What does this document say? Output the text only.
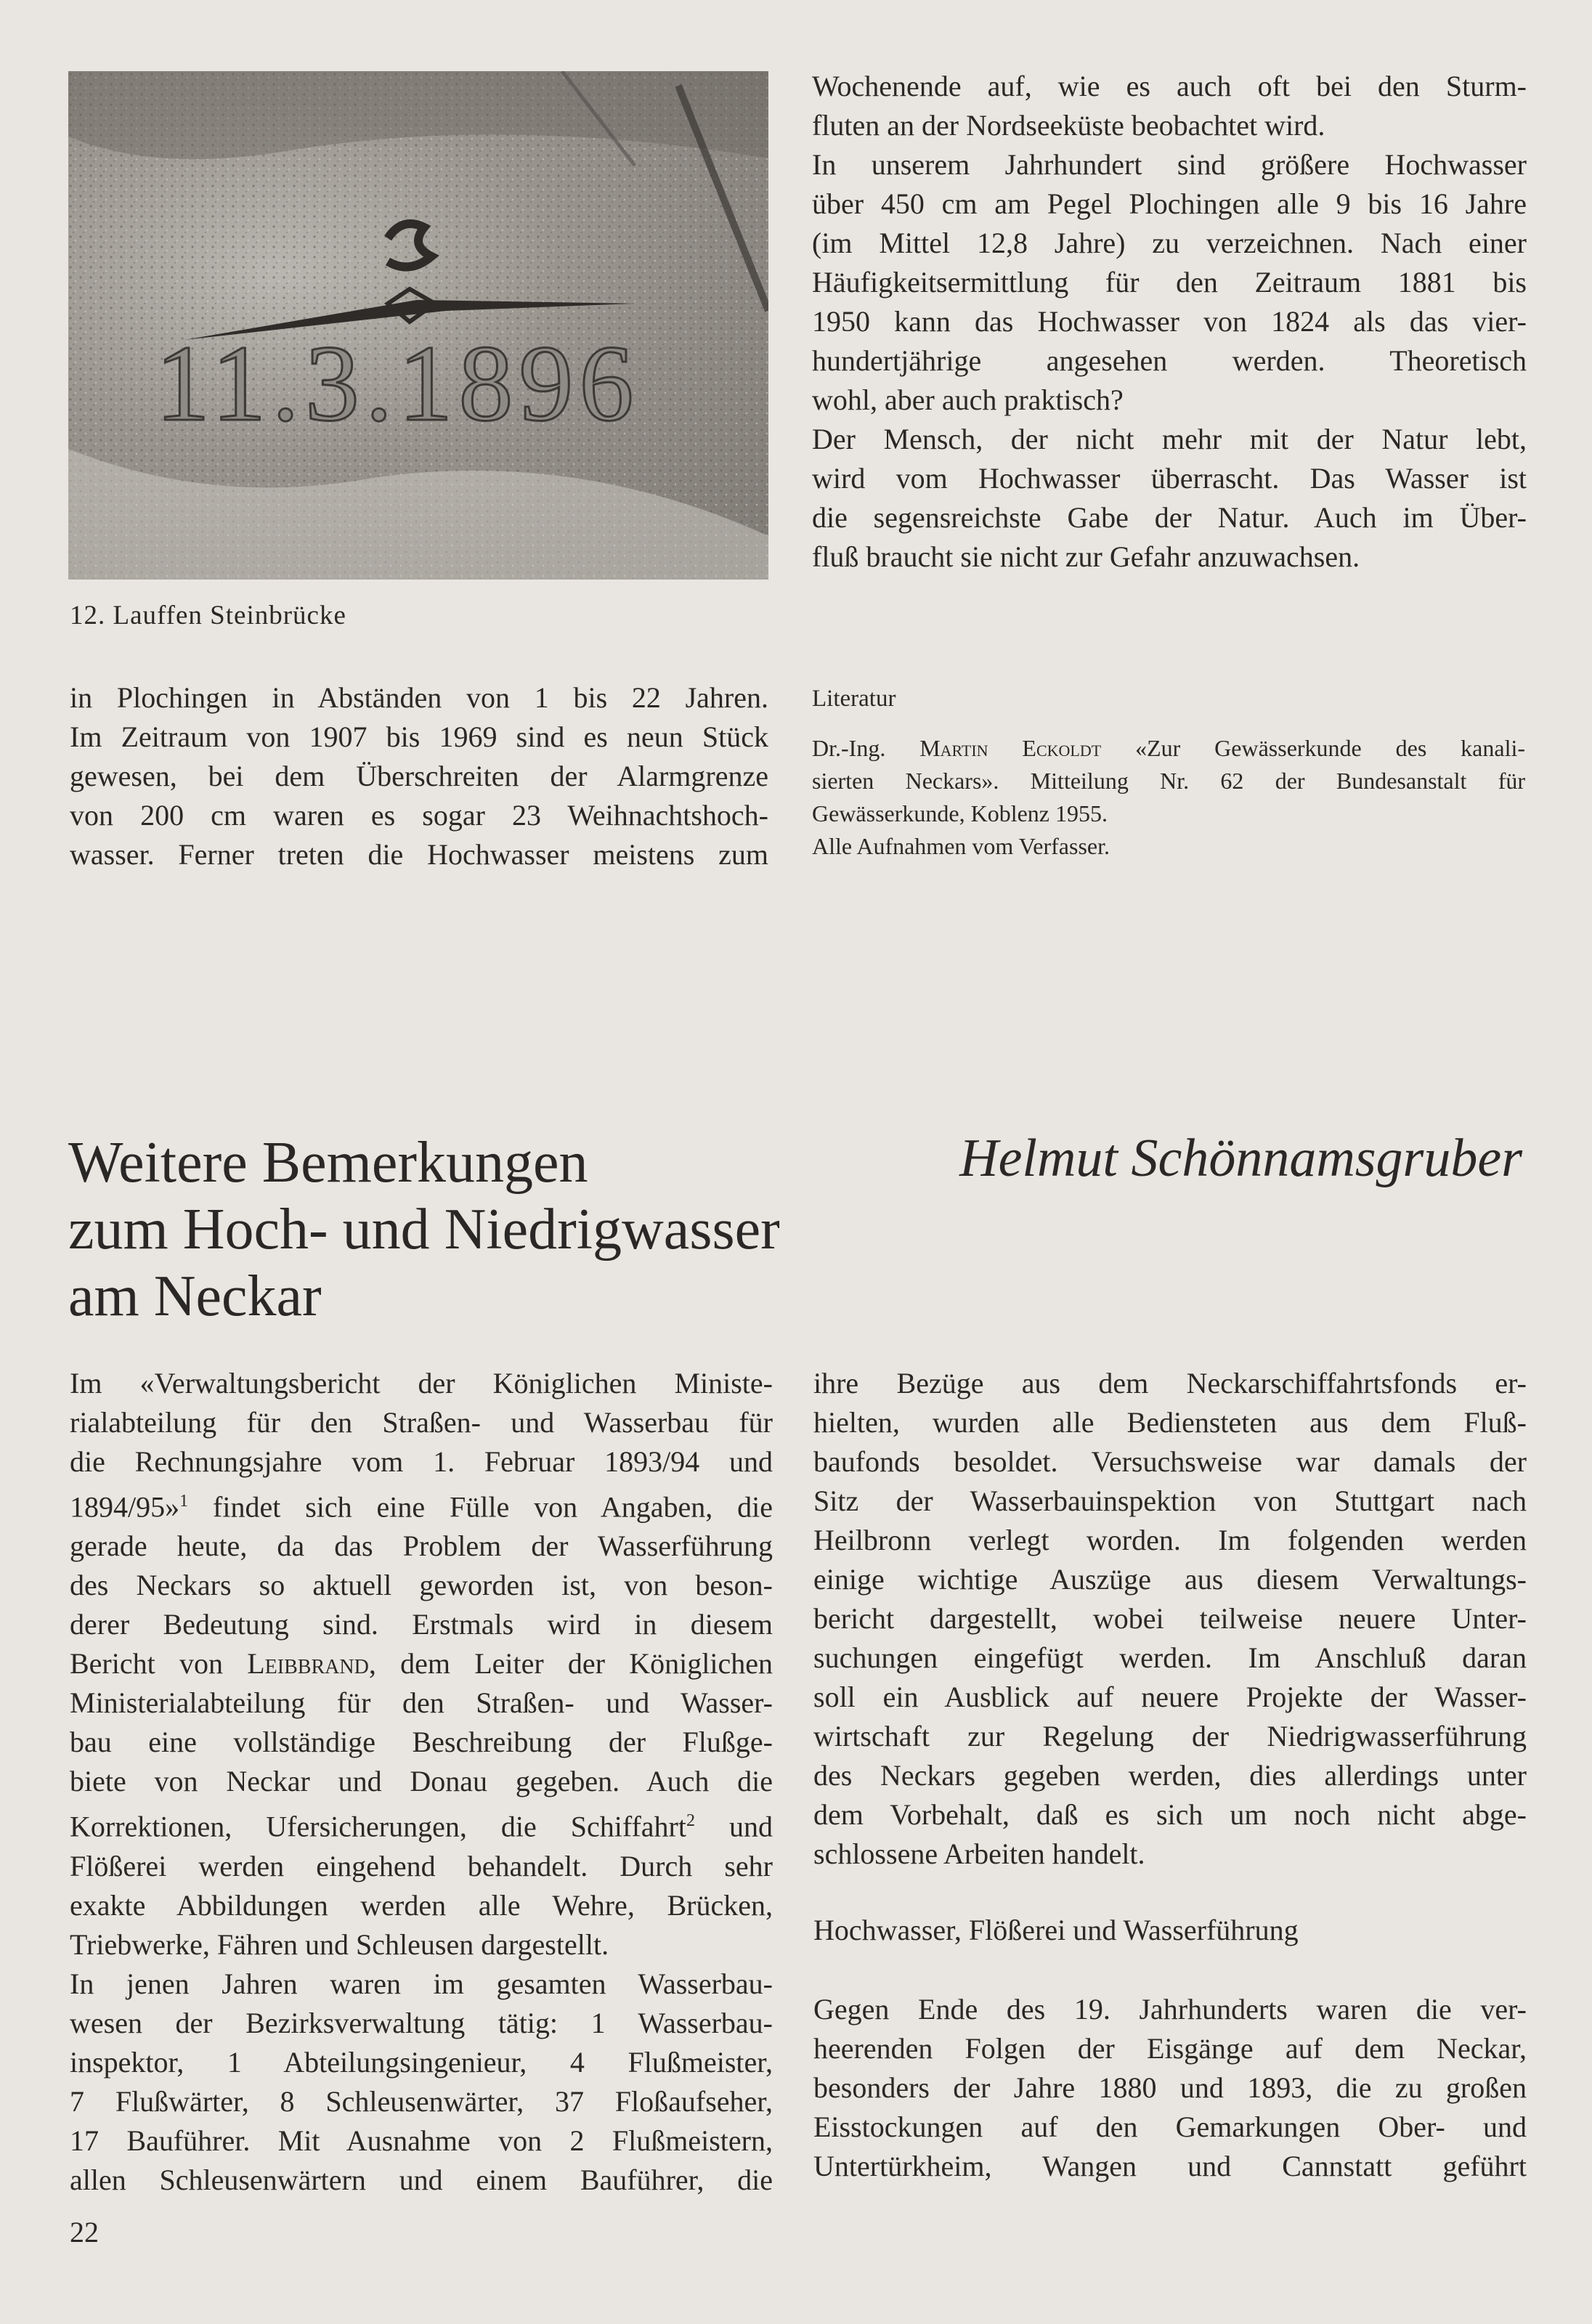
11.3.1896
12. Lauffen Steinbrücke
Wochenende auf, wie es auch oft bei den Sturm-
fluten an der Nordseeküste beobachtet wird.
In unserem Jahrhundert sind größere Hochwasser
über 450 cm am Pegel Plochingen alle 9 bis 16 Jahre
(im Mittel 12,8 Jahre) zu verzeichnen. Nach einer
Häufigkeitsermittlung für den Zeitraum 1881 bis
1950 kann das Hochwasser von 1824 als das vier-
hundertjährige angesehen werden. Theoretisch
wohl, aber auch praktisch?
Der Mensch, der nicht mehr mit der Natur lebt,
wird vom Hochwasser überrascht. Das Wasser ist
die segensreichste Gabe der Natur. Auch im Über-
fluß braucht sie nicht zur Gefahr anzuwachsen.
in Plochingen in Abständen von 1 bis 22 Jahren.
Im Zeitraum von 1907 bis 1969 sind es neun Stück
gewesen, bei dem Überschreiten der Alarmgrenze
von 200 cm waren es sogar 23 Weihnachtshoch-
wasser. Ferner treten die Hochwasser meistens zum
Literatur
Dr.-Ing. Martin Eckoldt «Zur Gewässerkunde des kanali-
sierten Neckars». Mitteilung Nr. 62 der Bundesanstalt für
Gewässerkunde, Koblenz 1955.
Alle Aufnahmen vom Verfasser.
Weitere Bemerkungen
zum Hoch- und Niedrigwasser
am Neckar
Helmut Schönnamsgruber
Im «Verwaltungsbericht der Königlichen Ministe-
rialabteilung für den Straßen- und Wasserbau für
die Rechnungsjahre vom 1. Februar 1893/94 und
1894/95»$^1$ findet sich eine Fülle von Angaben, die
gerade heute, da das Problem der Wasserführung
des Neckars so aktuell geworden ist, von beson-
derer Bedeutung sind. Erstmals wird in diesem
Bericht von Leibbrand, dem Leiter der Königlichen
Ministerialabteilung für den Straßen- und Wasser-
bau eine vollständige Beschreibung der Flußge-
biete von Neckar und Donau gegeben. Auch die
Korrektionen, Ufersicherungen, die Schiffahrt$^2$ und
Flößerei werden eingehend behandelt. Durch sehr
exakte Abbildungen werden alle Wehre, Brücken,
Triebwerke, Fähren und Schleusen dargestellt.
In jenen Jahren waren im gesamten Wasserbau-
wesen der Bezirksverwaltung tätig: 1 Wasserbau-
inspektor, 1 Abteilungsingenieur, 4 Flußmeister,
7 Flußwärter, 8 Schleusenwärter, 37 Floßaufseher,
17 Bauführer. Mit Ausnahme von 2 Flußmeistern,
allen Schleusenwärtern und einem Bauführer, die
ihre Bezüge aus dem Neckarschiffahrtsfonds er-
hielten, wurden alle Bediensteten aus dem Fluß-
baufonds besoldet. Versuchsweise war damals der
Sitz der Wasserbauinspektion von Stuttgart nach
Heilbronn verlegt worden. Im folgenden werden
einige wichtige Auszüge aus diesem Verwaltungs-
bericht dargestellt, wobei teilweise neuere Unter-
suchungen eingefügt werden. Im Anschluß daran
soll ein Ausblick auf neuere Projekte der Wasser-
wirtschaft zur Regelung der Niedrigwasserführung
des Neckars gegeben werden, dies allerdings unter
dem Vorbehalt, daß es sich um noch nicht abge-
schlossene Arbeiten handelt.
Hochwasser, Flößerei und Wasserführung
Gegen Ende des 19. Jahrhunderts waren die ver-
heerenden Folgen der Eisgänge auf dem Neckar,
besonders der Jahre 1880 und 1893, die zu großen
Eisstockungen auf den Gemarkungen Ober- und
Untertürkheim, Wangen und Cannstatt geführt
22
